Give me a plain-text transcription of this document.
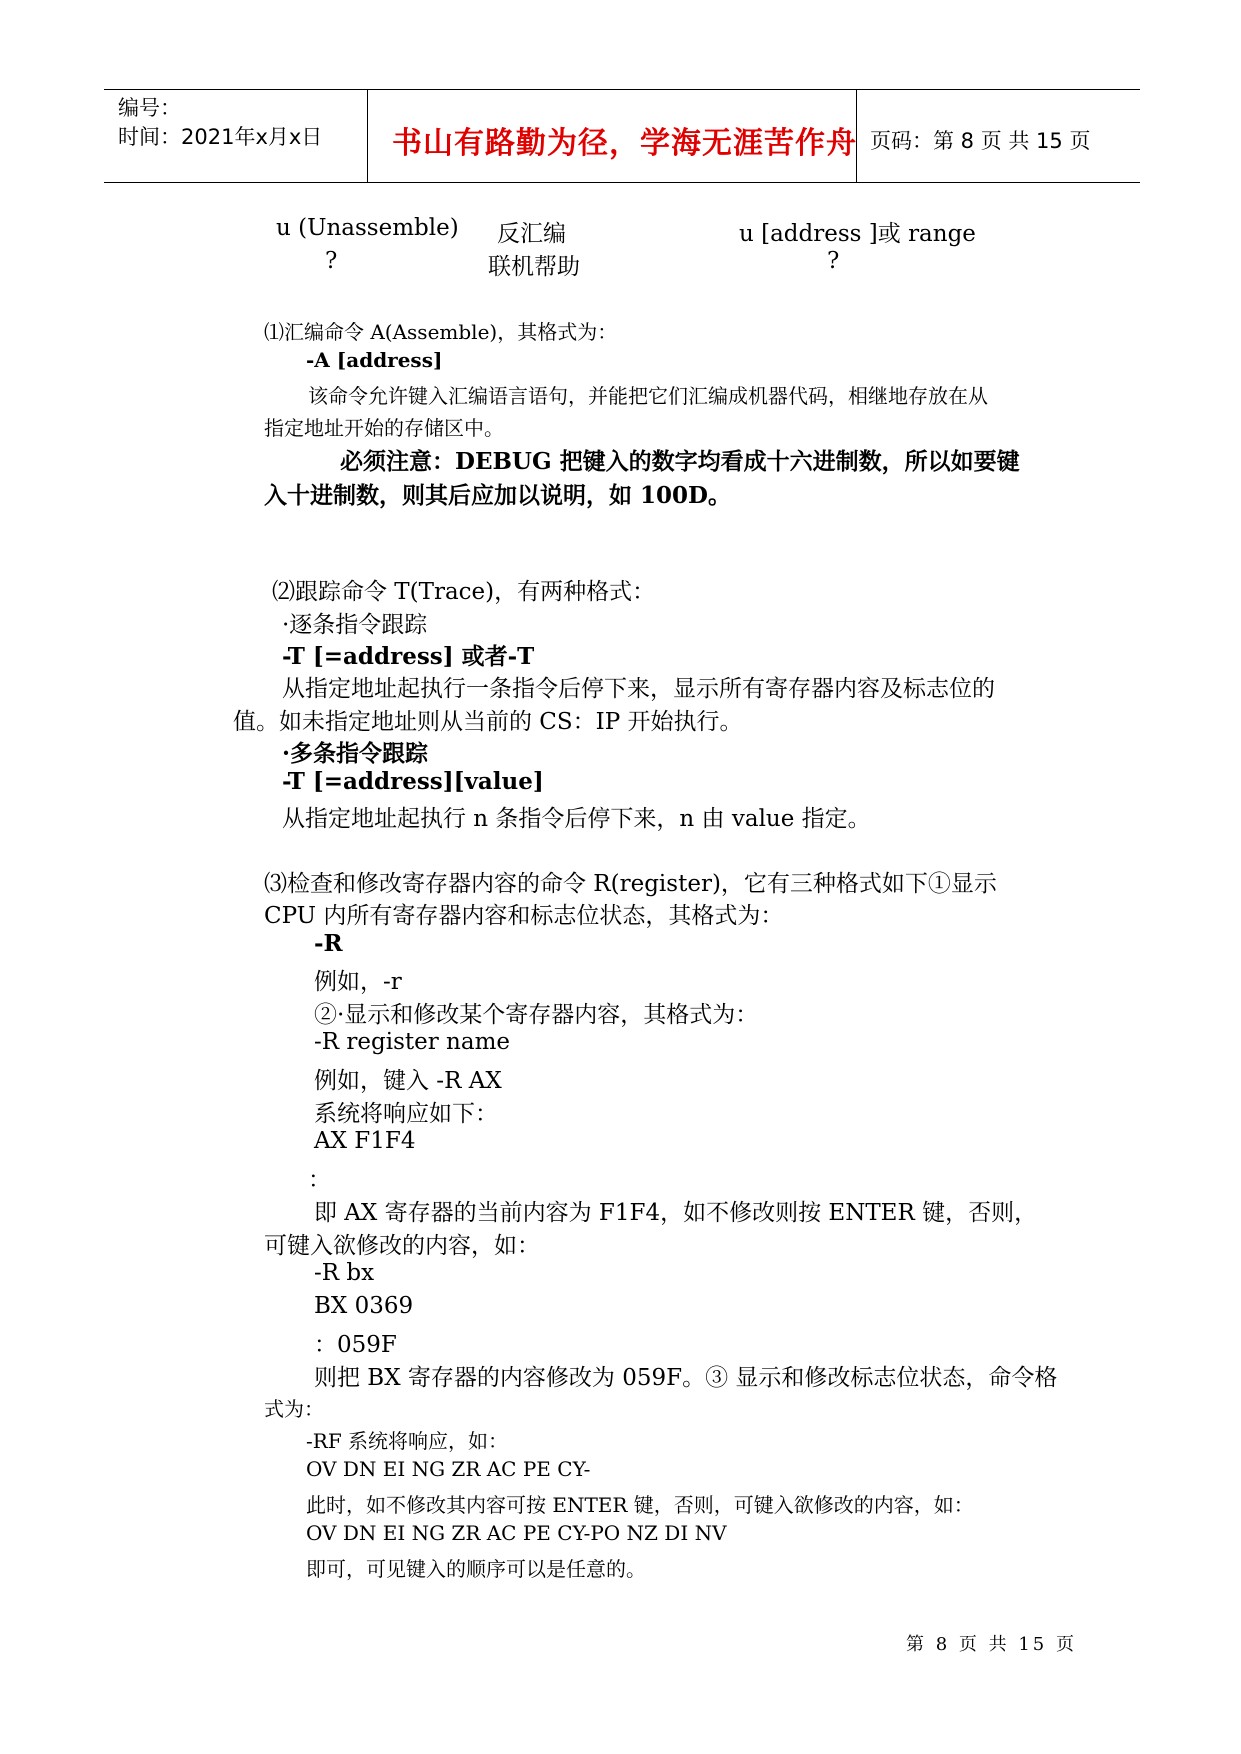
编号：
时间：2021年x月x日 书山有路勤为径，学海无涯苦作舟 页码：第 8 页 共 15 页
u (Unassemble) 反汇编	u [address ]或 range
?	联机帮助	?
⑴汇编命令 A(Assemble)，其格式为：
-A [address]
该命令允许键入汇编语言语句，并能把它们汇编成机器代码，相继地存放在从
指定地址开始的存储区中。
必须注意：DEBUG 把键入的数字均看成十六进制数，所以如要键
入十进制数，则其后应加以说明，如 100D。
⑵跟踪命令 T(Trace)，有两种格式：
·逐条指令跟踪
-T [=address] 或者-T
从指定地址起执行一条指令后停下来，显示所有寄存器内容及标志位的
值。如未指定地址则从当前的 CS：IP 开始执行。
·多条指令跟踪
-T [=address][value]
从指定地址起执行 n 条指令后停下来，n 由 value 指定。
⑶检查和修改寄存器内容的命令 R(register)，它有三种格式如下①显示
CPU 内所有寄存器内容和标志位状态，其格式为：
-R
例如，-r
②·显示和修改某个寄存器内容，其格式为：
-R register name
例如，键入 -R AX
系统将响应如下：
AX F1F4
：
即 AX 寄存器的当前内容为 F1F4，如不修改则按 ENTER 键，否则，
可键入欲修改的内容，如：
-R bx
BX 0369
：059F
则把 BX 寄存器的内容修改为 059F。③ 显示和修改标志位状态，命令格
式为：
-RF 系统将响应，如：
OV DN EI NG ZR AC PE CY-
此时，如不修改其内容可按 ENTER 键，否则，可键入欲修改的内容，如：
OV DN EI NG ZR AC PE CY-PO NZ DI NV
即可，可见键入的顺序可以是任意的。
第 8 页 共 15 页
